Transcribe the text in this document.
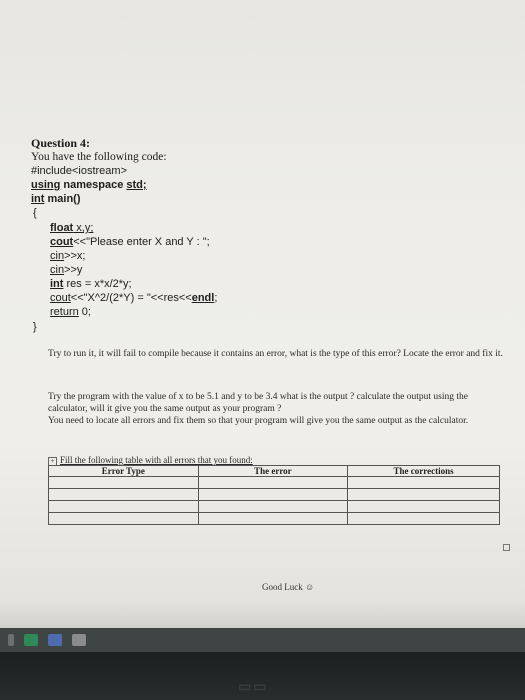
Question 4:
You have the following code:
#include<iostream>
using namespace std;
int main()
{
float x,y;
cout<<"Please enter X and Y : ";
cin>>x;
cin>>y
int res = x*x/2*y;
cout<<"X^2/(2*Y) = "<<res<<endl;
return 0;
}
Try to run it, it will fail to compile because it contains an error, what is the type of this error? Locate the error and fix it.
Try the program with the value of x to be 5.1 and y to be 3.4 what is the output ? calculate the output using the calculator, will it give you the same output as your program ?
You need to locate all errors and fix them so that your program will give you the same output as the calculator.
+ Fill the following table with all errors that you found:
Error Type	The error	The corrections

Good Luck ☺
▭▭
